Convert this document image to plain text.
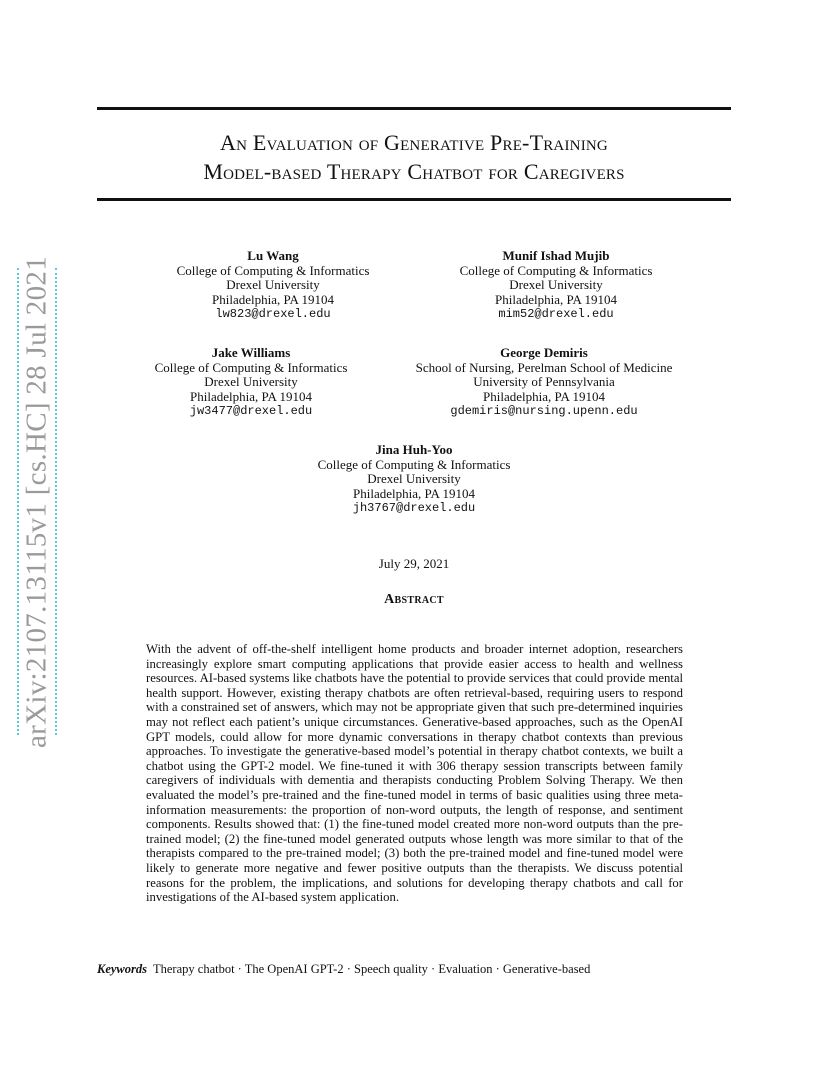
arXiv:2107.13115v1 [cs.HC] 28 Jul 2021
An Evaluation of Generative Pre-Training
Model-based Therapy Chatbot for Caregivers
Lu Wang
College of Computing & Informatics
Drexel University
Philadelphia, PA 19104
lw823@drexel.edu
Munif Ishad Mujib
College of Computing & Informatics
Drexel University
Philadelphia, PA 19104
mim52@drexel.edu
Jake Williams
College of Computing & Informatics
Drexel University
Philadelphia, PA 19104
jw3477@drexel.edu
George Demiris
School of Nursing, Perelman School of Medicine
University of Pennsylvania
Philadelphia, PA 19104
gdemiris@nursing.upenn.edu
Jina Huh-Yoo
College of Computing & Informatics
Drexel University
Philadelphia, PA 19104
jh3767@drexel.edu
July 29, 2021
Abstract
With the advent of off-the-shelf intelligent home products and broader internet adoption, researchers increasingly explore smart computing applications that provide easier access to health and wellness resources. AI-based systems like chatbots have the potential to provide services that could provide mental health support. However, existing therapy chatbots are often retrieval-based, requiring users to respond with a constrained set of answers, which may not be appropriate given that such pre-determined inquiries may not reflect each patient’s unique circumstances. Generative-based approaches, such as the OpenAI GPT models, could allow for more dynamic conversations in therapy chatbot contexts than previous approaches. To investigate the generative-based model’s potential in therapy chatbot contexts, we built a chatbot using the GPT-2 model. We fine-tuned it with 306 therapy session transcripts between family caregivers of individuals with dementia and therapists conducting Problem Solving Therapy. We then evaluated the model’s pre-trained and the fine-tuned model in terms of basic qualities using three meta-information measurements: the proportion of non-word outputs, the length of response, and sentiment components. Results showed that: (1) the fine-tuned model created more non-word outputs than the pre-trained model; (2) the fine-tuned model generated outputs whose length was more similar to that of the therapists compared to the pre-trained model; (3) both the pre-trained model and fine-tuned model were likely to generate more negative and fewer positive outputs than the therapists. We discuss potential reasons for the problem, the implications, and solutions for developing therapy chatbots and call for investigations of the AI-based system application.
Keywords Therapy chatbot · The OpenAI GPT-2 · Speech quality · Evaluation · Generative-based
